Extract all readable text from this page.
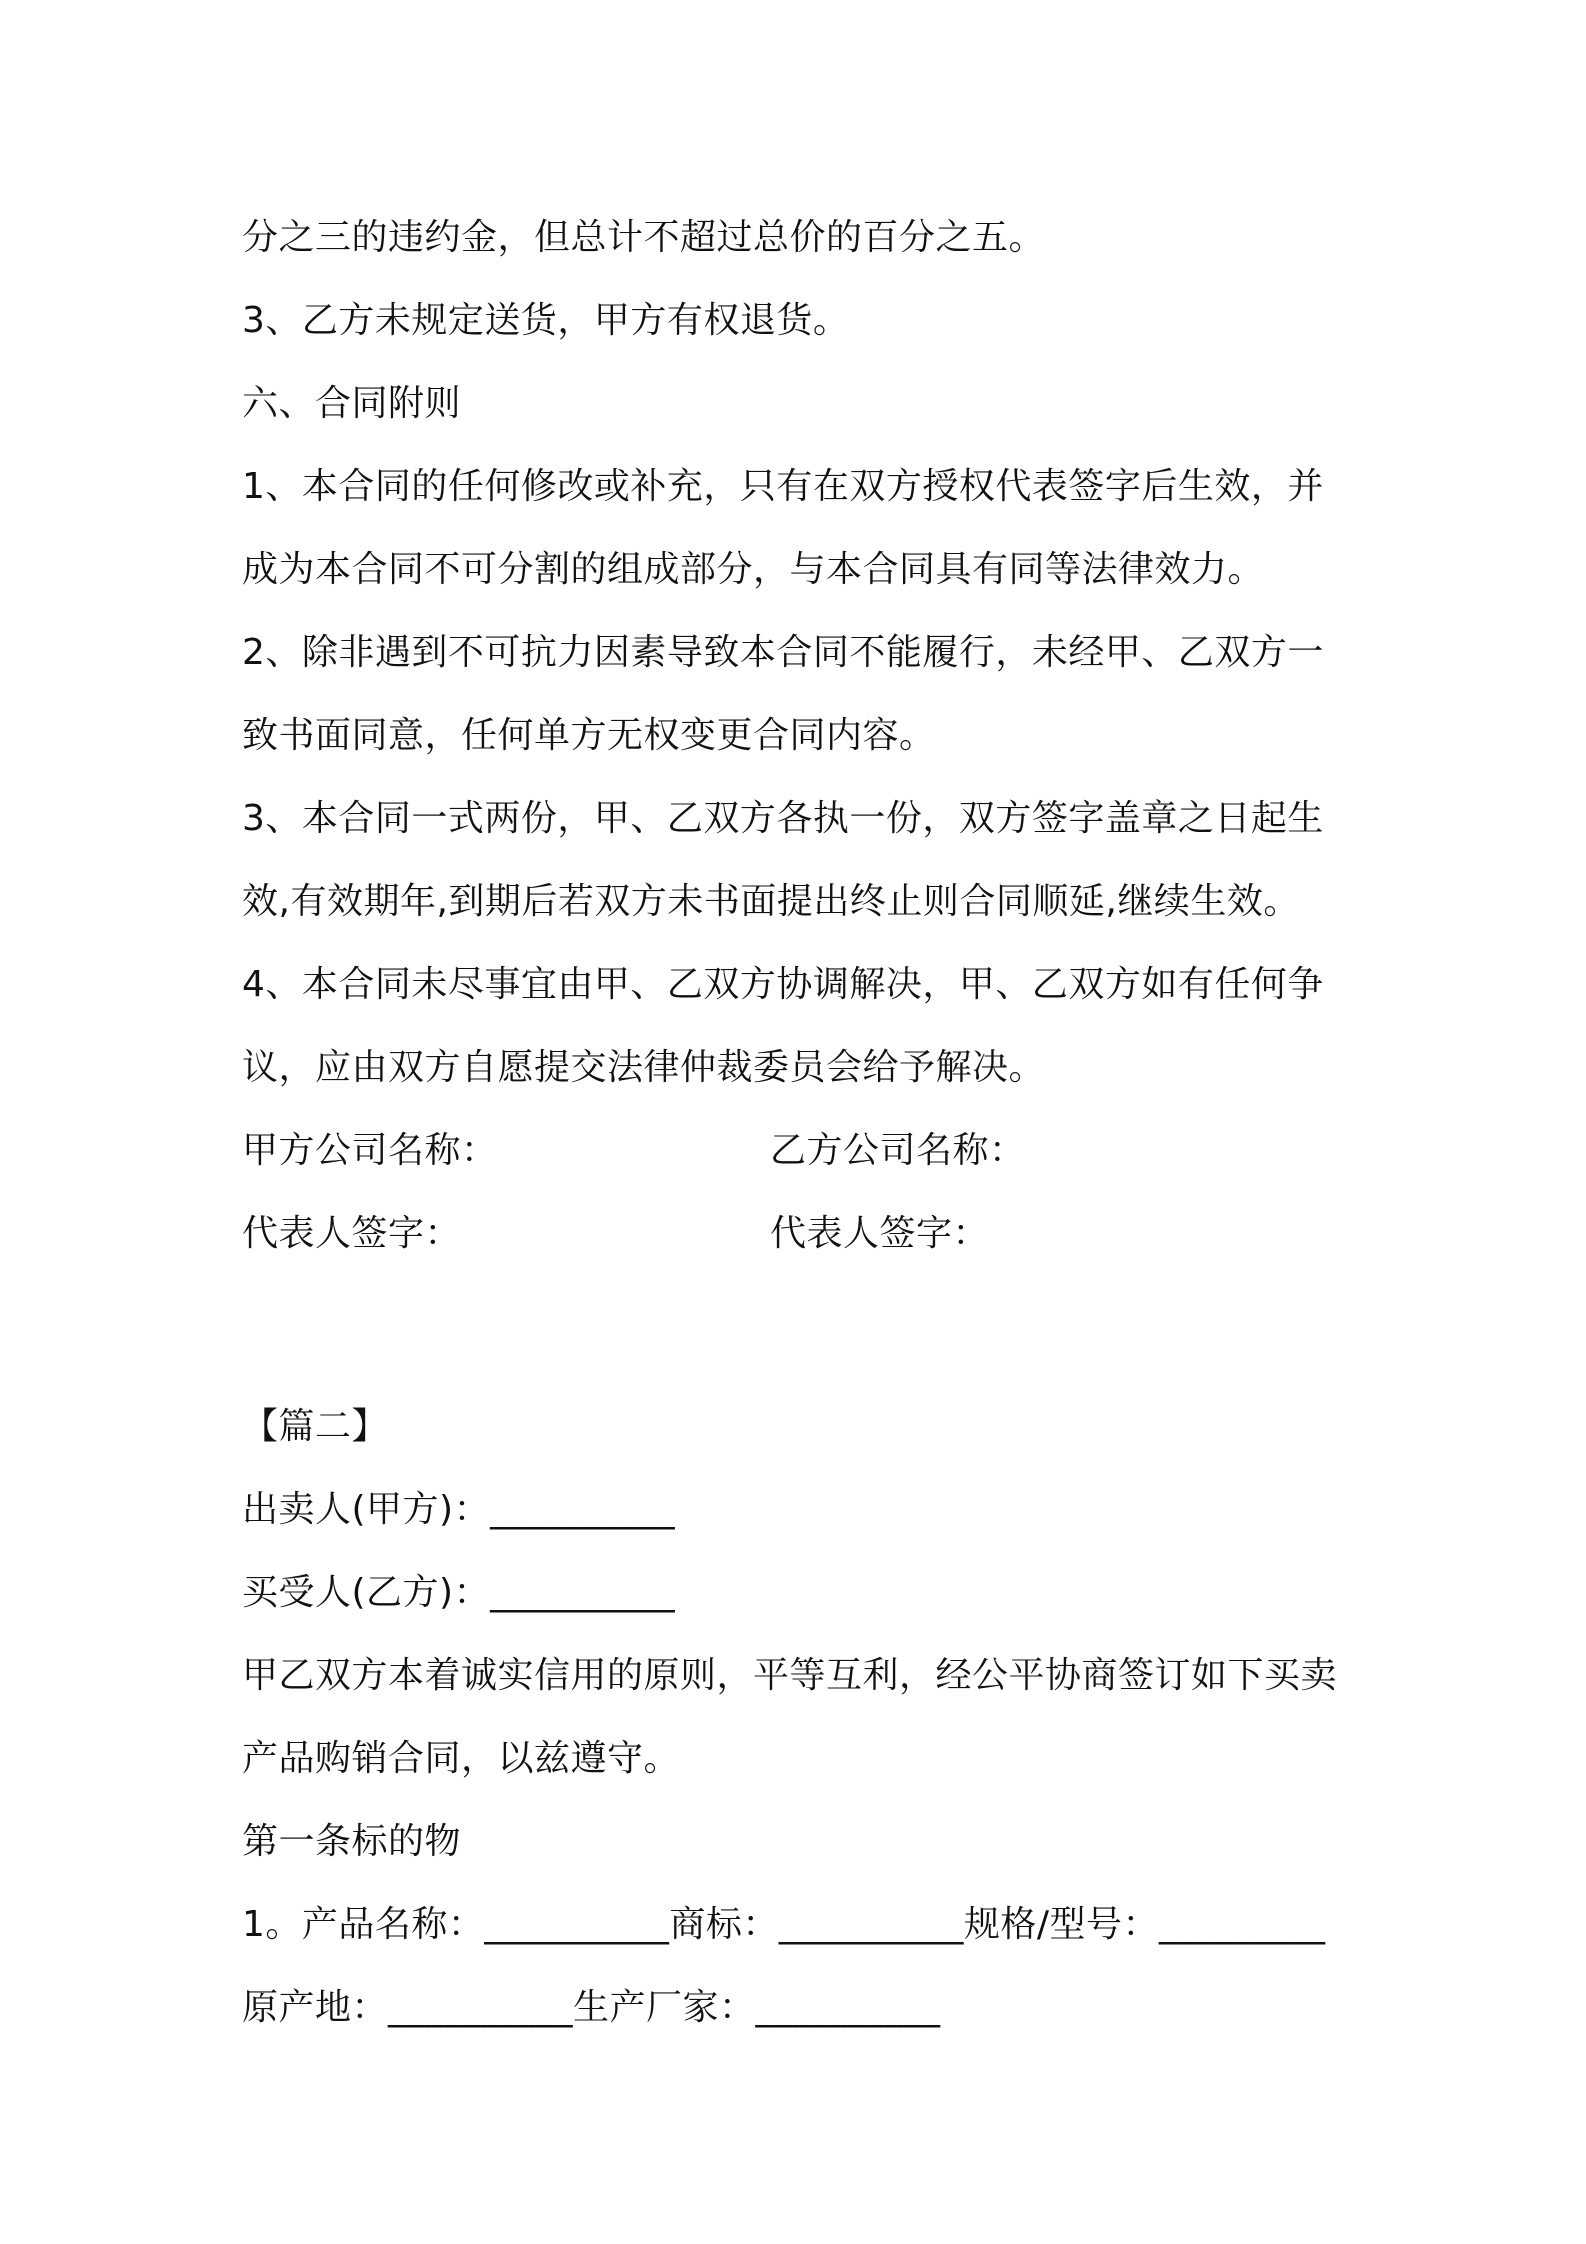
分之三的违约金，但总计不超过总价的百分之五。
3、乙方未规定送货，甲方有权退货。
六、合同附则
1、本合同的任何修改或补充，只有在双方授权代表签字后生效，并
成为本合同不可分割的组成部分，与本合同具有同等法律效力。
2、除非遇到不可抗力因素导致本合同不能履行，未经甲、乙双方一
致书面同意，任何单方无权变更合同内容。
3、本合同一式两份，甲、乙双方各执一份，双方签字盖章之日起生
效,有效期年,到期后若双方未书面提出终止则合同顺延,继续生效。
4、本合同未尽事宜由甲、乙双方协调解决，甲、乙双方如有任何争
议，应由双方自愿提交法律仲裁委员会给予解决。
甲方公司名称：	乙方公司名称：
代表人签字：	代表人签字：
【篇二】
出卖人(甲方)：__________
买受人(乙方)：__________
甲乙双方本着诚实信用的原则，平等互利，经公平协商签订如下买卖
产品购销合同，以兹遵守。
第一条标的物
1。产品名称：__________商标：__________规格/型号：_________
原产地：__________生产厂家：__________
